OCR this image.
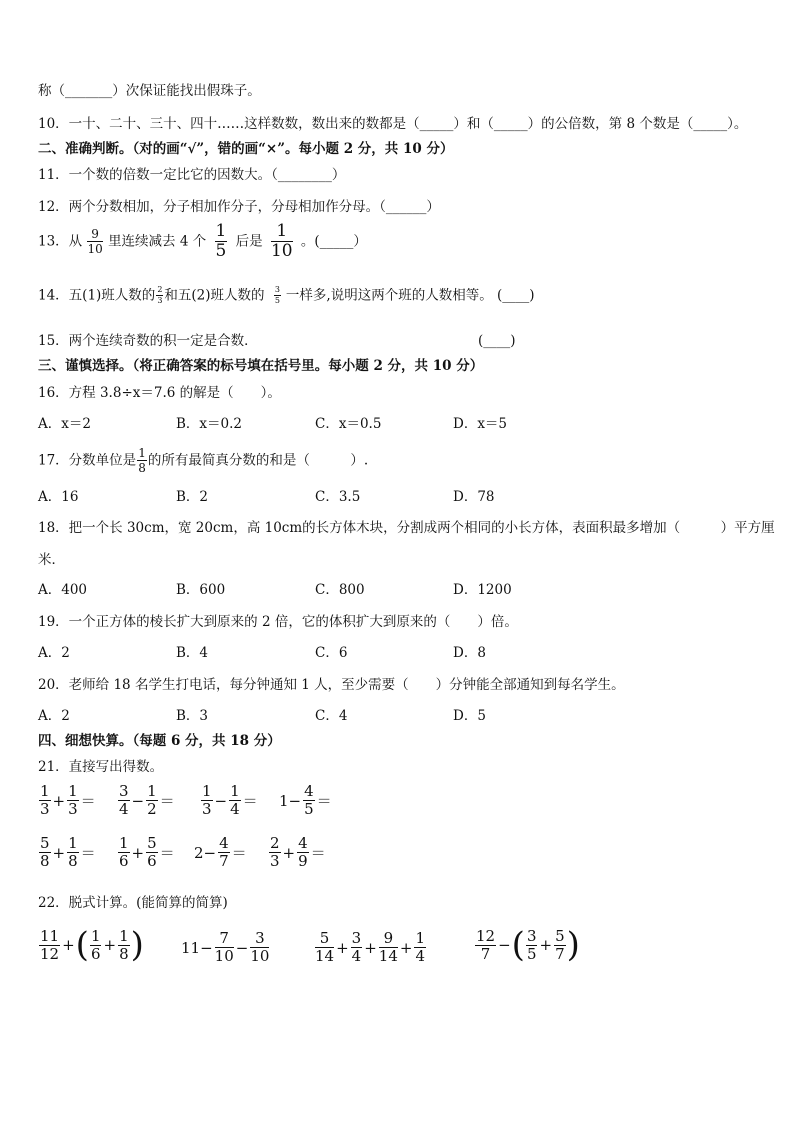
称（_______）次保证能找出假珠子。
10．一十、二十、三十、四十……这样数数，数出来的数都是（_____）和（_____）的公倍数，第 8 个数是（_____）。
二、准确判断。（对的画“√”，错的画“×”。每小题 2 分，共 10 分）
11．一个数的倍数一定比它的因数大。（________）
12．两个分数相加，分子相加作分子，分母相加作分母。（______）
13．从 $\frac{9}{10}$ 里连续减去 4 个 $\frac{1}{5}$ 后是 $\frac{1}{10}$ 。(_____）
14．五(1)班人数的 $\frac{2}{3}$ 和五(2)班人数的 $\frac{3}{5}$ 一样多,说明这两个班的人数相等。 (____)
15．两个连续奇数的积一定是合数．	(____)
三、谨慎选择。（将正确答案的标号填在括号里。每小题 2 分，共 10 分）
16．方程 3.8÷x＝7.6 的解是（　　）。
A．x＝2	B．x＝0.2	C．x＝0.5	D．x＝5
17．分数单位是 $\frac{1}{8}$ 的所有最简真分数的和是（　　　）.
A．16	B．2	C．3.5	D．78
18．把一个长 30cm，宽 20cm，高 10cm的长方体木块，分割成两个相同的小长方体，表面积最多增加（　　　）平方厘
米．
A．400	B．600	C．800	D．1200
19．一个正方体的棱长扩大到原来的 2 倍，它的体积扩大到原来的（　　）倍。
A．2	B．4	C．6	D．8
20．老师给 18 名学生打电话，每分钟通知 1 人，至少需要（　　）分钟能全部通知到每名学生。
A．2	B．3	C．4	D．5
四、细想快算。（每题 6 分，共 18 分）
21．直接写出得数。
$\frac{1}{3} + \frac{1}{3} = \frac{3}{4} - \frac{1}{2} = \frac{1}{3} - \frac{1}{4} = 1- \frac{4}{5}$ ＝
$\frac{5}{8} + \frac{1}{8} = \frac{1}{6} + \frac{5}{6} = 2- \frac{4}{7} = \frac{2}{3} + \frac{4}{9}$ ＝
22．脱式计算。(能简算的简算)
$\frac{11}{12}$ +( $\frac{1}{6} + \frac{1}{8}$ ) $11- \frac{7}{10} - \frac{3}{10}$	$\frac{5}{14} + \frac{3}{4} + \frac{9}{14} + \frac{1}{4}$	$\frac{12}{7}$ −( $\frac{3}{5} + \frac{5}{7}$ )
